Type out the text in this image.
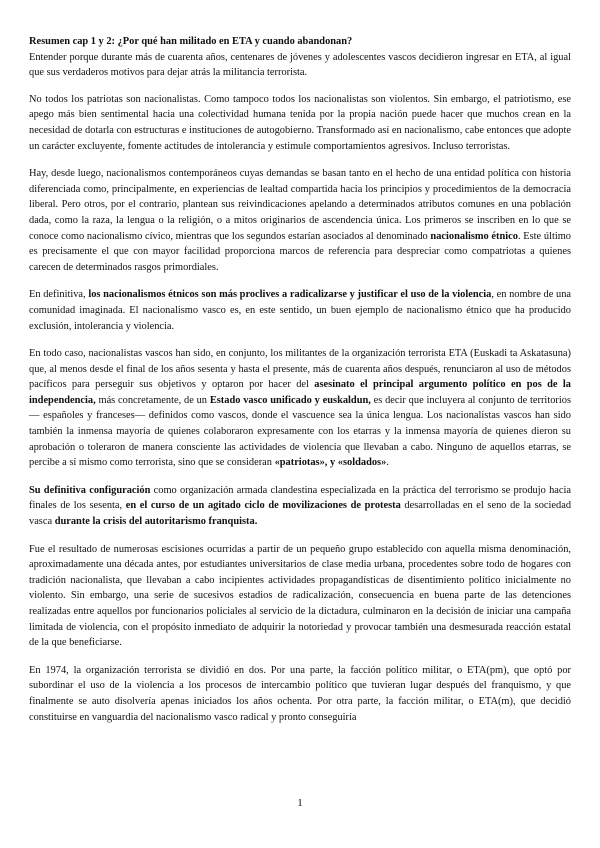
Resumen cap 1 y 2: ¿Por qué han militado en ETA y cuando abandonan?
Entender porque durante más de cuarenta años, centenares de jóvenes y adolescentes vascos decidieron ingresar en ETA, al igual que sus verdaderos motivos para dejar atrás la militancia terrorista.

No todos los patriotas son nacionalistas. Como tampoco todos los nacionalistas son violentos. Sin embargo, el patriotismo, ese apego más bien sentimental hacia una colectividad humana tenida por la propia nación puede hacer que muchos crean en la necesidad de dotarla con estructuras e instituciones de autogobierno. Transformado así en nacionalismo, cabe entonces que adopte un carácter excluyente, fomente actitudes de intolerancia y estimule comportamientos agresivos. Incluso terroristas.

Hay, desde luego, nacionalismos contemporáneos cuyas demandas se basan tanto en el hecho de una entidad política con historia diferenciada como, principalmente, en experiencias de lealtad compartida hacia los principios y procedimientos de la democracia liberal. Pero otros, por el contrario, plantean sus reivindicaciones apelando a determinados atributos comunes en una población dada, como la raza, la lengua o la religión, o a mitos originarios de ascendencia única. Los primeros se inscriben en lo que se conoce como nacionalismo cívico, mientras que los segundos estarían asociados al denominado nacionalismo étnico. Este último es precisamente el que con mayor facilidad proporciona marcos de referencia para despreciar como compatriotas a quienes carecen de determinados rasgos primordiales.

En definitiva, los nacionalismos étnicos son más proclives a radicalizarse y justificar el uso de la violencia, en nombre de una comunidad imaginada. El nacionalismo vasco es, en este sentido, un buen ejemplo de nacionalismo étnico que ha producido exclusión, intolerancia y violencia.

En todo caso, nacionalistas vascos han sido, en conjunto, los militantes de la organización terrorista ETA (Euskadi ta Askatasuna) que, al menos desde el final de los años sesenta y hasta el presente, más de cuarenta años después, renunciaron al uso de métodos pacíficos para perseguir sus objetivos y optaron por hacer del asesinato el principal argumento político en pos de la independencia, más concretamente, de un Estado vasco unificado y euskaldun, es decir que incluyera al conjunto de territorios — españoles y franceses— definidos como vascos, donde el vascuence sea la única lengua. Los nacionalistas vascos han sido también la inmensa mayoría de quienes colaboraron expresamente con los etarras y la inmensa mayoría de quienes dieron su aprobación o toleraron de manera consciente las actividades de violencia que llevaban a cabo. Ninguno de aquellos etarras, se percibe a sí mismo como terrorista, sino que se consideran «patriotas», y «soldados».

Su definitiva configuración como organización armada clandestina especializada en la práctica del terrorismo se produjo hacia finales de los sesenta, en el curso de un agitado ciclo de movilizaciones de protesta desarrolladas en el seno de la sociedad vasca durante la crisis del autoritarismo franquista.

Fue el resultado de numerosas escisiones ocurridas a partir de un pequeño grupo establecido con aquella misma denominación, aproximadamente una década antes, por estudiantes universitarios de clase media urbana, procedentes sobre todo de hogares con tradición nacionalista, que llevaban a cabo incipientes actividades propagandísticas de disentimiento político inicialmente no violento. Sin embargo, una serie de sucesivos estadios de radicalización, consecuencia en buena parte de las detenciones realizadas entre aquellos por funcionarios policiales al servicio de la dictadura, culminaron en la decisión de iniciar una campaña limitada de violencia, con el propósito inmediato de adquirir la notoriedad y provocar también una desmesurada reacción estatal de la que beneficiarse.

En 1974, la organización terrorista se dividió en dos. Por una parte, la facción político militar, o ETA(pm), que optó por subordinar el uso de la violencia a los procesos de intercambio político que tuvieran lugar después del franquismo, y que finalmente se auto disolvería apenas iniciados los años ochenta. Por otra parte, la facción militar, o ETA(m), que decidió constituirse en vanguardia del nacionalismo vasco radical y pronto conseguiría

1
